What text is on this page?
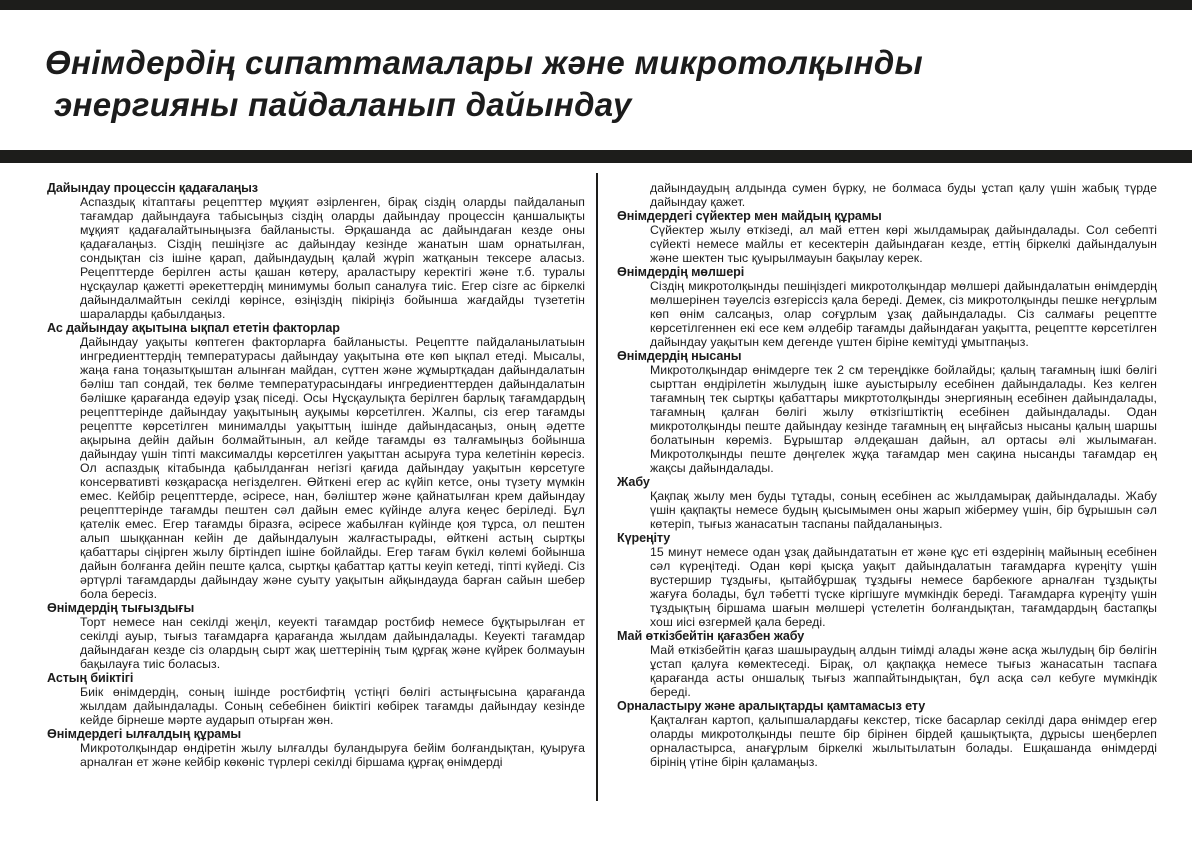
Өнімдердің сипаттамалары және микротолқынды
энергияны пайдаланып дайындау
Дайындау процессін қадағалаңыз

Аспаздық кітаптағы рецепттер мұқият әзірленген, бірақ сіздің оларды пайдаланып тағамдар дайындауға табысыңыз сіздің оларды дайындау процессін қаншалықты мұқият қадағалайтыныңызға байланысты. Әрқашанда ас дайындаған кезде оны қадағалаңыз. Сіздің пешіңізге ас дайындау кезінде жанатын шам орнатылған, сондықтан сіз ішіне қарап, дайындаудың қалай жүріп жатқанын тексере аласыз. Рецепттерде берілген асты қашан көтеру, араластыру керектігі және т.б. туралы нұсқаулар қажетті әрекеттердің минимумы болып саналуға тиіс. Егер сізге ас біркелкі дайындалмайтын секілді көрінсе, өзіңіздің пікіріңіз бойынша жағдайды түзететін шараларды қабылдаңыз.

Ас дайындау ақытына ықпал ететін факторлар

Дайындау уақыты көптеген факторларға байланысты. Рецептте пайдаланылатыын ингредиенттердің температурасы дайындау уақытына өте көп ықпал етеді. Мысалы, жаңа ғана тоңазытқыштан алынған майдан, сүттен және жұмыртқадан дайындалатын бәліш тап сондай, тек бөлме температурасындағы ингредиенттерден дайындалатын бәлішке қарағанда едәуір ұзақ піседі. Осы Нұсқаулықта берілген барлық тағамдардың рецепттерінде дайындау уақытының ауқымы көрсетілген. Жалпы, сіз егер тағамды рецептте көрсетілген минималды уақыттың ішінде дайындасаңыз, оның әдетте ақырына дейін дайын болмайтынын, ал кейде тағамды өз талғамыңыз бойынша дайындау үшін тіпті максималды көрсетілген уақыттан асыруға тура келетінін көресіз. Ол аспаздық кітабында қабылданған негізгі қағида дайындау уақытын көрсетуге консервативті көзқарасқа негізделген. Өйткені егер ас күйіп кетсе, оны түзету мүмкін емес. Кейбір рецепттерде, әсіресе, нан, бәліштер және қайнатылған крем дайындау рецепттерінде тағамды пештен сәл дайын емес күйінде алуға кеңес беріледі. Бұл қателік емес. Егер тағамды біразға, әсіресе жабылған күйінде қоя тұрса, ол пештен алып шыққаннан кейін де дайындалуын жалғастырады, өйткені астың сыртқы қабаттары сіңірген жылу біртіндеп ішіне бойлайды. Егер тағам бүкіл көлемі бойынша дайын болғанға дейін пеште қалса, сыртқы қабаттар қатты кеуіп кетеді, тіпті күйеді. Сіз әртүрлі тағамдарды дайындау және суыту уақытын айқындауда барған сайын шебер бола бересіз.

Өнімдердің тығыздығы

Торт немесе нан секілді жеңіл, кеуекті тағамдар ростбиф немесе бұқтырылған ет секілді ауыр, тығыз тағамдарға қарағанда жылдам дайындалады. Кеуекті тағамдар дайындаған кезде сіз олардың сырт жақ шеттерінің тым құрғақ және күйрек болмауын бақылауға тиіс боласыз.

Астың биіктігі

Биік өнімдердің, соның ішінде ростбифтің үстіңгі бөлігі астыңғысына қарағанда жылдам дайындалады. Соның себебінен биіктігі көбірек тағамды дайындау кезінде кейде бірнеше мәрте аударып отырған жөн.

Өнімдердегі ылғалдың құрамы

Микротолқындар өндіретін жылу ылғалды буландыруға бейім болғандықтан, қуыруға арналған ет және кейбір көкөніс түрлері секілді біршама құрғақ өнімдерді

дайындаудың алдында сумен бүрку, не болмаса буды ұстап қалу үшін жабық түрде дайындау қажет.

Өнімдердегі сүйектер мен майдың құрамы

Сүйектер жылу өткізеді, ал май еттен көрі жылдамырақ дайындалады. Сол себепті сүйекті немесе майлы ет кесектерін дайындаған кезде, еттің біркелкі дайындалуын және шектен тыс қуырылмауын бақылау керек.

Өнімдердің мөлшері

Сіздің микротолқынды пешіңіздегі микротолқындар мөлшері дайындалатын өнімдердің мөлшерінен тәуелсіз өзгеріссіз қала береді. Демек, сіз микротолқынды пешке неғұрлым көп өнім салсаңыз, олар соғұрлым ұзақ дайындалады. Сіз салмағы рецептте көрсетілгеннен екі есе кем әлдебір тағамды дайындаған уақытта, рецептте көрсетілген дайындау уақытын кем дегенде үштен біріне кемітуді ұмытпаңыз.

Өнімдердің нысаны

Микротолқындар өнімдерге тек 2 см тереңдікке бойлайды; қалың тағамның ішкі бөлігі сырттан өндірілетін жылудың ішке ауыстырылу есебінен дайындалады. Кез келген тағамның тек сыртқы қабаттары микртотолқынды энергияның есебінен дайындалады, тағамның қалған бөлігі жылу өткізгіштіктің есебінен дайындалады. Одан микротолқынды пеште дайындау кезінде тағамның ең ыңғайсыз нысаны қалың шаршы болатынын көреміз. Бұрыштар әлдеқашан дайын, ал ортасы әлі жылымаған. Микротолқынды пеште дөңгелек жұқа тағамдар мен сақина нысанды тағамдар ең жақсы дайындалады.

Жабу

Қақпақ жылу мен буды тұтады, соның есебінен ас жылдамырақ дайындалады. Жабу үшін қақпақты немесе будың қысымымен оны жарып жібермеу үшін, бір бұрышын сәл көтеріп, тығыз жанасатын таспаны пайдаланыңыз.

Күреңіту

15 минут немесе одан ұзақ дайындататын ет және құс еті өздерінің майының есебінен сәл күреңітеді. Одан көрі қысқа уақыт дайындалатын тағамдарға күреңіту үшін вустершир тұздығы, қытайбұршақ тұздығы немесе барбекюге арналған тұздықты жағуға болады, бұл тәбетті түске кіргішуге мүмкіндік береді. Тағамдарға күреңіту үшін тұздықтың біршама шағын мөлшері үстелетін болғандықтан, тағамдардың бастапқы хош иісі өзгермей қала береді.

Май өткізбейтін қағазбен жабу

Май өткізбейтін қағаз шашыраудың алдын тиімді алады және асқа жылудың бір бөлігін ұстап қалуға көмектеседі. Бірақ, ол қақпаққа немесе тығыз жанасатын таспаға қарағанда асты оншалық тығыз жаппайтындықтан, бұл асқа сәл кебуге мүмкіндік береді.

Орналастыру және аралықтарды қамтамасыз ету

Қақталған картоп, қалыпшалардағы кекстер, тіске басарлар секілді дара өнімдер егер оларды микротолқынды пеште бір бірінен бірдей қашықтықта, дұрысы шеңберлеп орналастырса, анағұрлым біркелкі жылытылатын болады. Ешқашанда өнімдерді бірінің үтіне бірін қаламаңыз.
